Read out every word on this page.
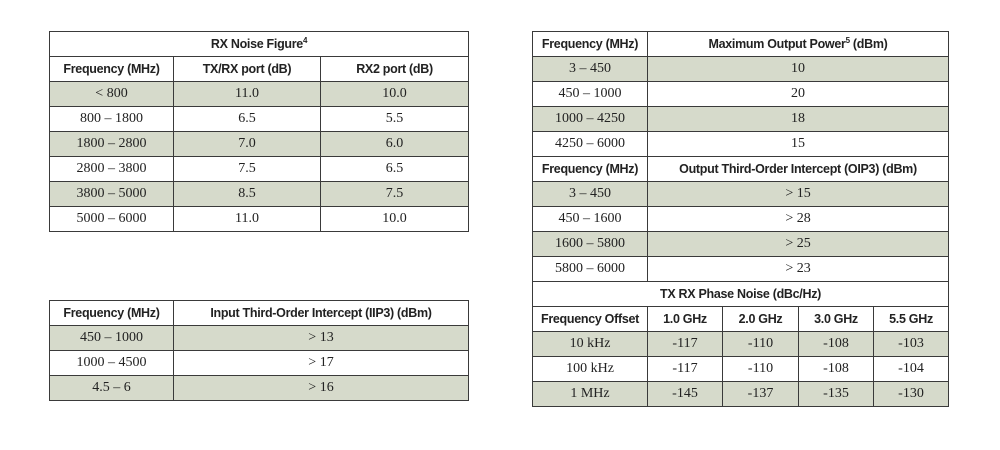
RX Noise Figure$^4$
Frequency (MHz)	TX/RX port (dB)	RX2 port (dB)
< 800	11.0	10.0
800 – 1800	6.5	5.5
1800 – 2800	7.0	6.0
2800 – 3800	7.5	6.5
3800 – 5000	8.5	7.5
5000 – 6000	11.0	10.0
Frequency (MHz)	Input Third-Order Intercept (IIP3) (dBm)
450 – 1000	> 13
1000 – 4500	> 17
4.5 – 6	> 16
Frequency (MHz)	Maximum Output Power$^5$ (dBm)			
3 – 450	10			
450 – 1000	20			
1000 – 4250	18			
4250 – 6000	15			
Frequency (MHz)	Output Third-Order Intercept (OIP3) (dBm)			
3 – 450	> 15			
450 – 1600	> 28			
1600 – 5800	> 25			
5800 – 6000	> 23			
TX RX Phase Noise (dBc/Hz)				
Frequency Offset	1.0 GHz	2.0 GHz	3.0 GHz	5.5 GHz
10 kHz	-117	-110	-108	-103
100 kHz	-117	-110	-108	-104
1 MHz	-145	-137	-135	-130
